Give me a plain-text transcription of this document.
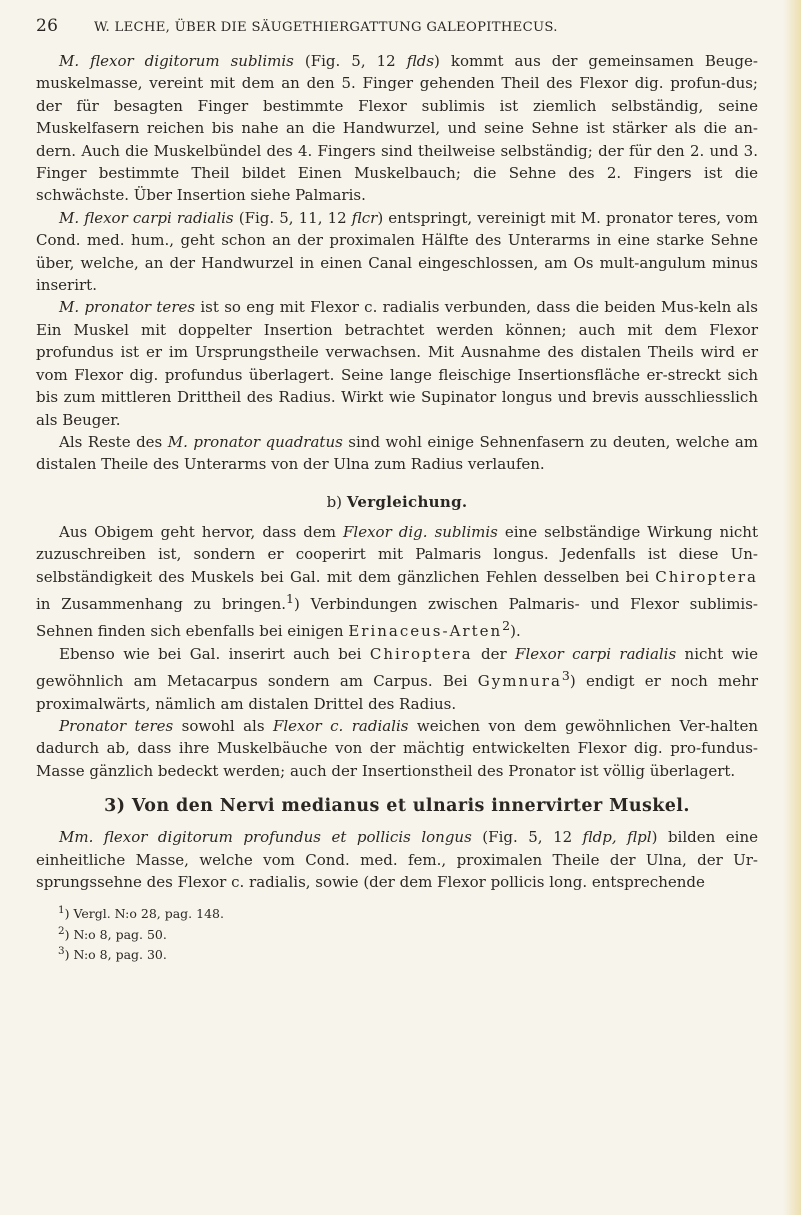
26	W. LECHE, ÜBER DIE SÄUGETHIERGATTUNG GALEOPITHECUS.

M. flexor digitorum sublimis (Fig. 5, 12 flds) kommt aus der gemeinsamen Beuge-muskelmasse, vereint mit dem an den 5. Finger gehenden Theil des Flexor dig. profun-dus; der für besagten Finger bestimmte Flexor sublimis ist ziemlich selbständig, seine Muskelfasern reichen bis nahe an die Handwurzel, und seine Sehne ist stärker als die an-dern. Auch die Muskelbündel des 4. Fingers sind theilweise selbständig; der für den 2. und 3. Finger bestimmte Theil bildet Einen Muskelbauch; die Sehne des 2. Fingers ist die schwächste. Über Insertion siehe Palmaris.

M. flexor carpi radialis (Fig. 5, 11, 12 flcr) entspringt, vereinigt mit M. pronator teres, vom Cond. med. hum., geht schon an der proximalen Hälfte des Unterarms in eine starke Sehne über, welche, an der Handwurzel in einen Canal eingeschlossen, am Os mult-angulum minus inserirt.

M. pronator teres ist so eng mit Flexor c. radialis verbunden, dass die beiden Mus-keln als Ein Muskel mit doppelter Insertion betrachtet werden können; auch mit dem Flexor profundus ist er im Ursprungstheile verwachsen. Mit Ausnahme des distalen Theils wird er vom Flexor dig. profundus überlagert. Seine lange fleischige Insertionsfläche er-streckt sich bis zum mittleren Drittheil des Radius. Wirkt wie Supinator longus und brevis ausschliesslich als Beuger.

Als Reste des M. pronator quadratus sind wohl einige Sehnenfasern zu deuten, welche am distalen Theile des Unterarms von der Ulna zum Radius verlaufen.

b) Vergleichung.

Aus Obigem geht hervor, dass dem Flexor dig. sublimis eine selbständige Wirkung nicht zuzuschreiben ist, sondern er cooperirt mit Palmaris longus. Jedenfalls ist diese Un-selbständigkeit des Muskels bei Gal. mit dem gänzlichen Fehlen desselben bei Chiroptera in Zusammenhang zu bringen.$^1$) Verbindungen zwischen Palmaris- und Flexor sublimis-Sehnen finden sich ebenfalls bei einigen Erinaceus-Arten$^2$).

Ebenso wie bei Gal. inserirt auch bei Chiroptera der Flexor carpi radialis nicht wie gewöhnlich am Metacarpus sondern am Carpus. Bei Gymnura$^3$) endigt er noch mehr proximalwärts, nämlich am distalen Drittel des Radius.

Pronator teres sowohl als Flexor c. radialis weichen von dem gewöhnlichen Ver-halten dadurch ab, dass ihre Muskelbäuche von der mächtig entwickelten Flexor dig. pro-fundus-Masse gänzlich bedeckt werden; auch der Insertionstheil des Pronator ist völlig überlagert.

3) Von den Nervi medianus et ulnaris innervirter Muskel.

Mm. flexor digitorum profundus et pollicis longus (Fig. 5, 12 fldp, flpl) bilden eine einheitliche Masse, welche vom Cond. med. fem., proximalen Theile der Ulna, der Ur-sprungssehne des Flexor c. radialis, sowie (der dem Flexor pollicis long. entsprechende

$^1$) Vergl. N:o 28, pag. 148.

$^2$) N:o 8, pag. 50.

$^3$) N:o 8, pag. 30.
